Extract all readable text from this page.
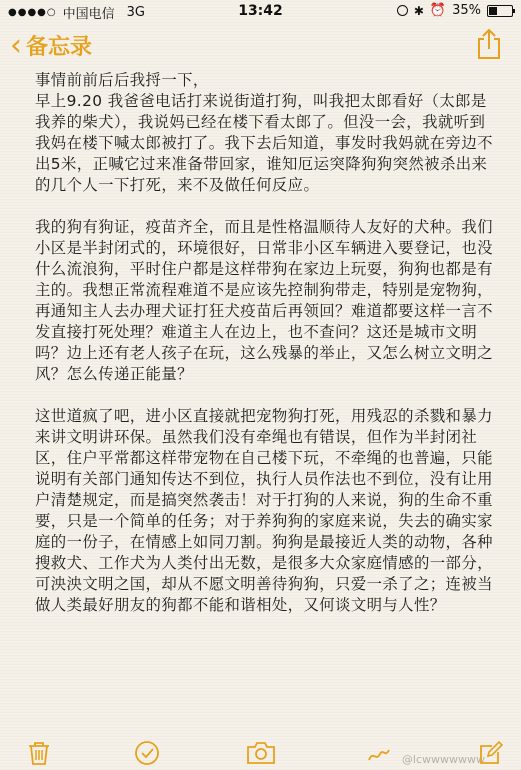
●●●●○ 中国电信 3G	13:42	✱ ⏰ 35%
‹ 备忘录

事情前前后后我捋一下，
早上9.20 我爸爸电话打来说街道打狗，叫我把太郎看好（太郎是我养的柴犬），我说妈已经在楼下看太郎了。但没一会，我就听到我妈在楼下喊太郎被打了。我下去后知道，事发时我妈就在旁边不出5米，正喊它过来准备带回家，谁知厄运突降狗狗突然被杀出来的几个人一下打死，来不及做任何反应。

我的狗有狗证，疫苗齐全，而且是性格温顺待人友好的犬种。我们小区是半封闭式的，环境很好，日常非小区车辆进入要登记，也没什么流浪狗，平时住户都是这样带狗在家边上玩耍，狗狗也都是有主的。我想正常流程难道不是应该先控制狗带走，特别是宠物狗，再通知主人去办理犬证打狂犬疫苗后再领回？难道都要这样一言不发直接打死处理？难道主人在边上，也不查问？这还是城市文明吗？边上还有老人孩子在玩，这么残暴的举止，又怎么树立文明之风？怎么传递正能量？

这世道疯了吧，进小区直接就把宠物狗打死，用残忍的杀戮和暴力来讲文明讲环保。虽然我们没有牵绳也有错误，但作为半封闭社区，住户平常都这样带宠物在自己楼下玩，不牵绳的也普遍，只能说明有关部门通知传达不到位，执行人员作法也不到位，没有让用户清楚规定，而是搞突然袭击！对于打狗的人来说，狗的生命不重要，只是一个简单的任务；对于养狗狗的家庭来说，失去的确实家庭的一份子，在情感上如同刀割。狗狗是最接近人类的动物，各种搜救犬、工作犬为人类付出无数，是很多大众家庭情感的一部分，可泱泱文明之国，却从不愿文明善待狗狗，只爱一杀了之；连被当做人类最好朋友的狗都不能和谐相处，又何谈文明与人性？

@lcwwwwwww
